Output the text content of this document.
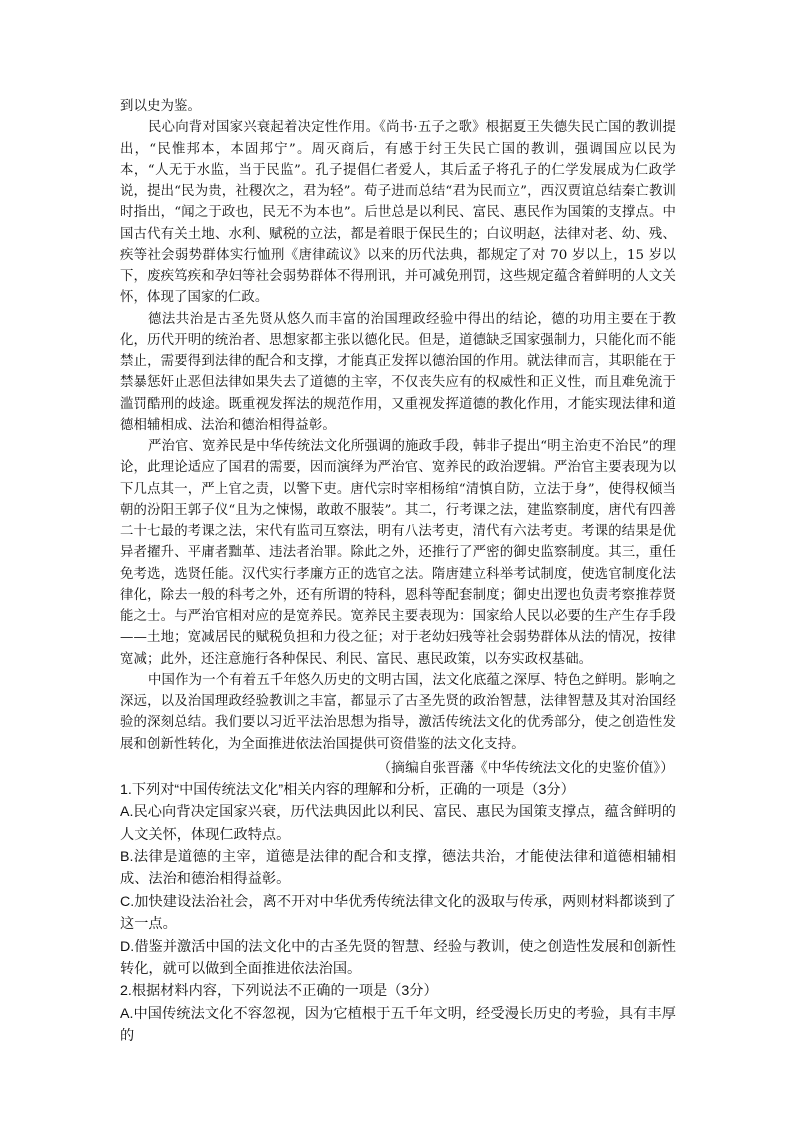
到以史为鉴。

民心向背对国家兴衰起着决定性作用。《尚书·五子之歌》根据夏王失德失民亡国的教训提出，“民惟邦本，本固邦宁”。周灭商后，有感于纣王失民亡国的教训，强调国应以民为本，“人无于水监，当于民监”。孔子提倡仁者爱人，其后孟子将孔子的仁学发展成为仁政学说，提出“民为贵，社稷次之，君为轻”。荀子进而总结“君为民而立”，西汉贾谊总结秦亡教训时指出，“闻之于政也，民无不为本也”。后世总是以利民、富民、惠民作为国策的支撑点。中国古代有关土地、水利、赋税的立法，都是着眼于保民生的；白议明赵，法律对老、幼、残、疾等社会弱势群体实行恤刑《唐律疏议》以来的历代法典，都规定了对 70 岁以上，15 岁以下，废疾笃疾和孕妇等社会弱势群体不得刑讯，并可减免刑罚，这些规定蕴含着鲜明的人文关怀，体现了国家的仁政。

德法共治是古圣先贤从悠久而丰富的治国理政经验中得出的结论，德的功用主要在于教化，历代开明的统治者、思想家都主张以德化民。但是，道德缺乏国家强制力，只能化而不能禁止，需要得到法律的配合和支撑，才能真正发挥以德治国的作用。就法律而言，其职能在于禁暴惩奸止恶但法律如果失去了道德的主宰，不仅丧失应有的权威性和正义性，而且难免流于滥罚酷刑的歧途。既重视发挥法的规范作用，又重视发挥道德的教化作用，才能实现法律和道德相辅相成、法治和德治相得益彰。

严治官、宽养民是中华传统法文化所强调的施政手段，韩非子提出“明主治吏不治民”的理论，此理论适应了国君的需要，因而演绎为严治官、宽养民的政治逻辑。严治官主要表现为以下几点其一，严上官之责，以警下吏。唐代宗时宰相杨绾“清慎自防，立法于身”，使得权倾当朝的汾阳王郭子仪“且为之悚惕，敢敢不服装”。其二，行考课之法，建监察制度，唐代有四善二十七最的考课之法，宋代有监司互察法，明有八法考吏，清代有六法考吏。考课的结果是优异者擢升、平庸者黜革、违法者治罪。除此之外，还推行了严密的御史监察制度。其三，重任免考选，选贤任能。汉代实行孝廉方正的选官之法。隋唐建立科举考试制度，使选官制度化法律化，除去一般的科考之外，还有所谓的特科，恩科等配套制度；御史出逻也负责考察推荐贤能之士。与严治官相对应的是宽养民。宽养民主要表现为：国家给人民以必要的生产生存手段——土地；宽减居民的赋税负担和力役之征；对于老幼妇残等社会弱势群体从法的情况，按律宽减；此外，还注意施行各种保民、利民、富民、惠民政策，以夯实政权基础。

中国作为一个有着五千年悠久历史的文明古国，法文化底蕴之深厚、特色之鲜明。影响之深远，以及治国理政经验教训之丰富，都显示了古圣先贤的政治智慧，法律智慧及其对治国经验的深刻总结。我们要以习近平法治思想为指导，激活传统法文化的优秀部分，使之创造性发展和创新性转化，为全面推进依法治国提供可资借鉴的法文化支持。

（摘编自张晋藩《中华传统法文化的史鉴价值》）

1.下列对“中国传统法文化”相关内容的理解和分析，正确的一项是（3分）

A.民心向背决定国家兴衰，历代法典因此以利民、富民、惠民为国策支撑点，蕴含鲜明的人文关怀，体现仁政特点。

B.法律是道德的主宰，道德是法律的配合和支撑，德法共治，才能使法律和道德相辅相成、法治和德治相得益彰。

C.加快建设法治社会，离不开对中华优秀传统法律文化的汲取与传承，两则材料都谈到了这一点。

D.借鉴并激活中国的法文化中的古圣先贤的智慧、经验与教训，使之创造性发展和创新性转化，就可以做到全面推进依法治国。

2.根据材料内容，下列说法不正确的一项是（3分）

A.中国传统法文化不容忽视，因为它植根于五千年文明，经受漫长历史的考验，具有丰厚的
